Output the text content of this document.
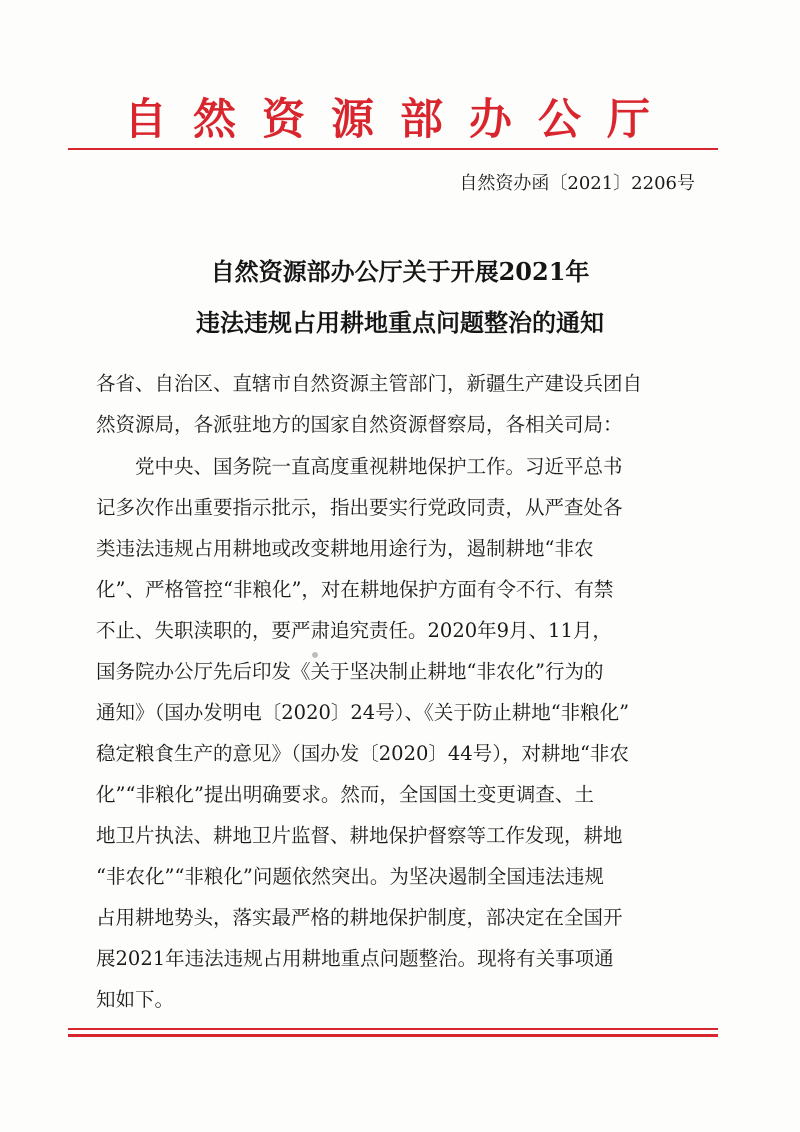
自然资源部办公厅
自然资办函〔2021〕2206号
自然资源部办公厅关于开展2021年
违法违规占用耕地重点问题整治的通知
各省、自治区、直辖市自然资源主管部门，新疆生产建设兵团自
然资源局，各派驻地方的国家自然资源督察局，各相关司局：
　　党中央、国务院一直高度重视耕地保护工作。习近平总书
记多次作出重要指示批示，指出要实行党政同责，从严查处各
类违法违规占用耕地或改变耕地用途行为，遏制耕地“非农
化”、严格管控“非粮化”，对在耕地保护方面有令不行、有禁
不止、失职渎职的，要严肃追究责任。2020年9月、11月，
国务院办公厅先后印发《关于坚决制止耕地“非农化”行为的
通知》（国办发明电〔2020〕24号）、《关于防止耕地“非粮化”
稳定粮食生产的意见》（国办发〔2020〕44号），对耕地“非农
化”“非粮化”提出明确要求。然而，全国国土变更调查、土
地卫片执法、耕地卫片监督、耕地保护督察等工作发现，耕地
“非农化”“非粮化”问题依然突出。为坚决遏制全国违法违规
占用耕地势头，落实最严格的耕地保护制度，部决定在全国开
展2021年违法违规占用耕地重点问题整治。现将有关事项通
知如下。
